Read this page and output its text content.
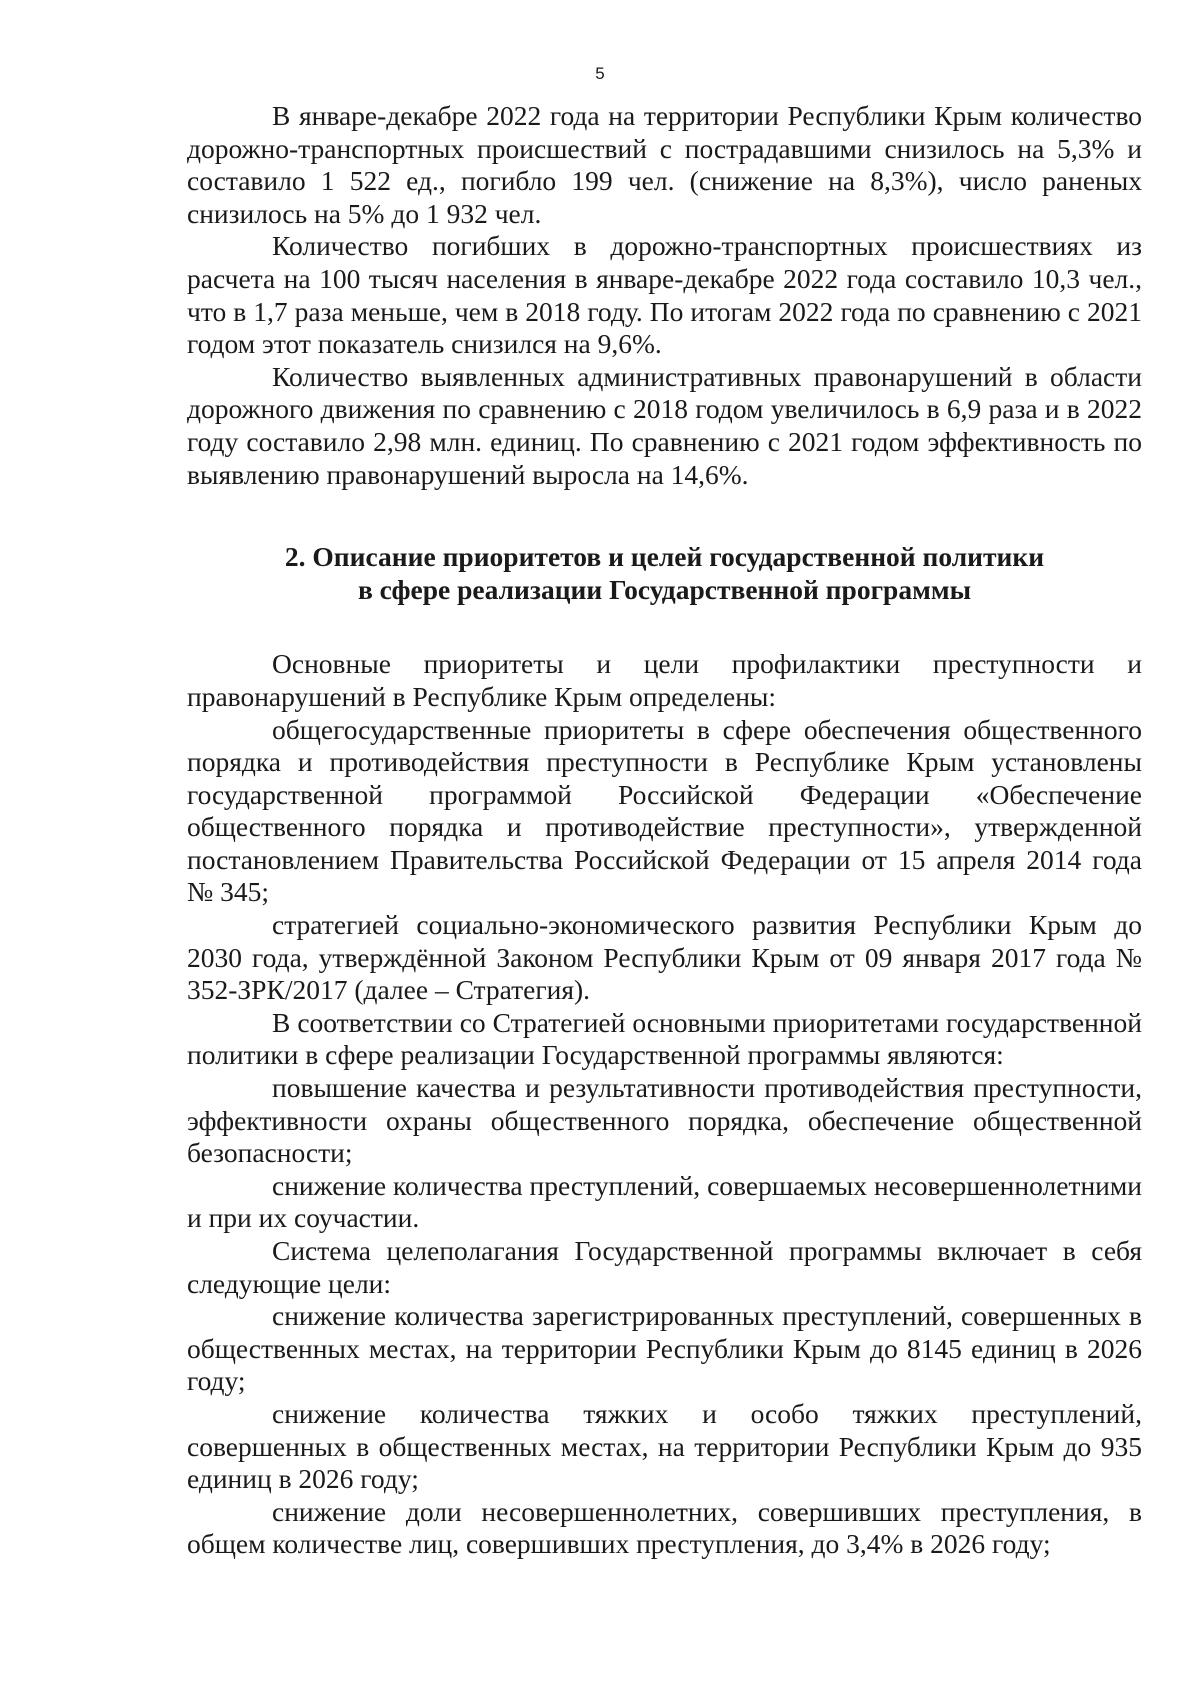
5

В январе-декабре 2022 года на территории Республики Крым количество дорожно-транспортных происшествий с пострадавшими снизилось на 5,3% и составило 1 522 ед., погибло 199 чел. (снижение на 8,3%), число раненых снизилось на 5% до 1 932 чел.

Количество погибших в дорожно-транспортных происшествиях из расчета на 100 тысяч населения в январе-декабре 2022 года составило 10,3 чел., что в 1,7 раза меньше, чем в 2018 году. По итогам 2022 года по сравнению с 2021 годом этот показатель снизился на 9,6%.

Количество выявленных административных правонарушений в области дорожного движения по сравнению с 2018 годом увеличилось в 6,9 раза и в 2022 году составило 2,98 млн. единиц. По сравнению с 2021 годом эффективность по выявлению правонарушений выросла на 14,6%.

2. Описание приоритетов и целей государственной политики

в сфере реализации Государственной программы

Основные приоритеты и цели профилактики преступности и правонарушений в Республике Крым определены:

общегосударственные приоритеты в сфере обеспечения общественного порядка и противодействия преступности в Республике Крым установлены государственной программой Российской Федерации «Обеспечение общественного порядка и противодействие преступности», утвержденной постановлением Правительства Российской Федерации от 15 апреля 2014 года № 345;

стратегией социально-экономического развития Республики Крым до 2030 года, утверждённой Законом Республики Крым от 09 января 2017 года № 352-ЗРК/2017 (далее – Стратегия).

В соответствии со Стратегией основными приоритетами государственной политики в сфере реализации Государственной программы являются:

повышение качества и результативности противодействия преступности, эффективности охраны общественного порядка, обеспечение общественной безопасности;

снижение количества преступлений, совершаемых несовершеннолетними и при их соучастии.

Система целеполагания Государственной программы включает в себя следующие цели:

снижение количества зарегистрированных преступлений, совершенных в общественных местах, на территории Республики Крым до 8145 единиц в 2026 году;

снижение количества тяжких и особо тяжких преступлений, совершенных в общественных местах, на территории Республики Крым до 935 единиц в 2026 году;

снижение доли несовершеннолетних, совершивших преступления, в общем количестве лиц, совершивших преступления, до 3,4% в 2026 году;
